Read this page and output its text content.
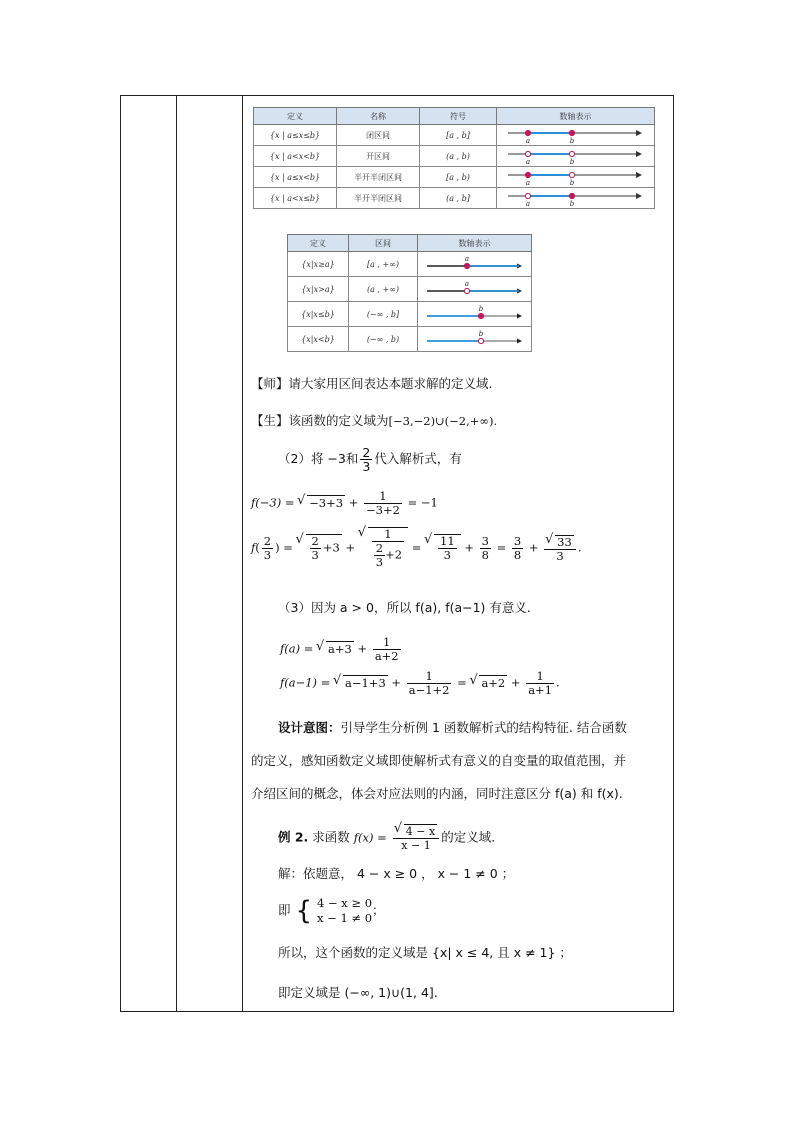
定义	名称	符号	数轴表示
{x | a≤x≤b}	闭区间	[a , b]	a b

{x | a<x<b}	开区间	(a , b)	a b

{x | a≤x<b}	半开半闭区间	[a , b)	a b

{x | a<x≤b}	半开半闭区间	(a , b]	a b
定义	区间	数轴表示
{x|x≥a}	[a , +∞)	a

{x|x>a}	(a , +∞)	a

{x|x≤b}	(−∞ , b]	b

{x|x<b}	(−∞ , b)	b
【师】请大家用区间表达本题求解的定义域.
【生】该函数的定义域为[−3,−2)∪(−2,+∞).
（2）将 −3和 $\frac{2}{3}$ 代入解析式，有
f(−3) = √ $-3+3 + \frac{1}{-3+2} = -1$
$f( \frac{2}{3}$ ) = √ $\frac{2}{3} +3$ + √ $\frac{1}{\frac{2}{3} +2}$ = √ $\frac{11}{3} + \frac{3}{8} = \frac{3}{8}$ + √ $\frac{33}{3}$ .
（3）因为 a > 0，所以 f(a), f(a−1) 有意义.
f(a) = √ $a+3 + \frac{1}{a+2}$
f(a−1) = √ $a-1+3 + \frac{1}{a-1+2}$ = √ $a+2 + \frac{1}{a+1}$ .
设计意图：引导学生分析例 1 函数解析式的结构特征. 结合函数
的定义，感知函数定义域即使解析式有意义的自变量的取值范围，并
介绍区间的概念，体会对应法则的内涵，同时注意区分 f(a) 和 f(x).
例 2. 求函数 f(x) = √ $\frac{4 - x}{x - 1}$ 的定义域.
解：依题意， 4 − x ≥ 0 ， x − 1 ≠ 0 ；
即 { 4 − x ≥ 0
x − 1 ≠ 0
；
所以，这个函数的定义域是 {x| x ≤ 4, 且 x ≠ 1} ；
即定义域是 (−∞, 1)∪(1, 4].
